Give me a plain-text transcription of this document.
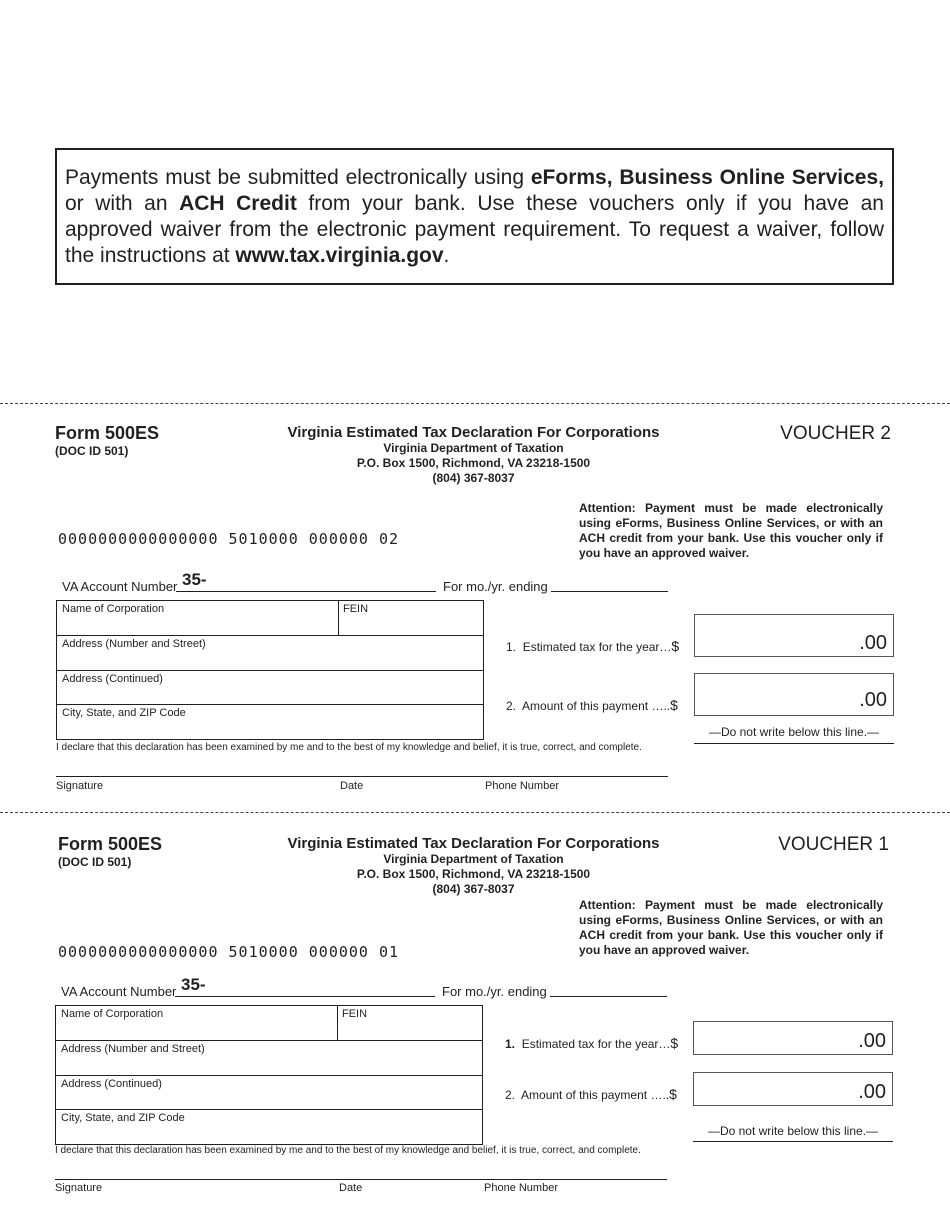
Payments must be submitted electronically using eForms, Business Online Services, or with an ACH Credit from your bank. Use these vouchers only if you have an approved waiver from the electronic payment requirement. To request a waiver, follow the instructions at www.tax.virginia.gov.
Form 500ES
(DOC ID 501)
Virginia Estimated Tax Declaration For Corporations
Virginia Department of Taxation
P.O. Box 1500, Richmond, VA 23218-1500
(804) 367-8037
VOUCHER 2
Attention: Payment must be made electronically using eForms, Business Online Services, or with an ACH credit from your bank. Use this voucher only if you have an approved waiver.
0000000000000000 5010000 000000 02
VA Account Number 35-	For mo./yr. ending
Name of Corporation	FEIN
Address (Number and Street)
Address (Continued)
City, State, and ZIP Code
1. Estimated tax for the year…$	.00
2. Amount of this payment …..$	.00
—Do not write below this line.—
I declare that this declaration has been examined by me and to the best of my knowledge and belief, it is true, correct, and complete.
Signature	Date	Phone Number
Form 500ES
(DOC ID 501)
Virginia Estimated Tax Declaration For Corporations
Virginia Department of Taxation
P.O. Box 1500, Richmond, VA 23218-1500
(804) 367-8037
VOUCHER 1
Attention: Payment must be made electronically using eForms, Business Online Services, or with an ACH credit from your bank. Use this voucher only if you have an approved waiver.
0000000000000000 5010000 000000 01
VA Account Number 35-	For mo./yr. ending
Name of Corporation	FEIN
Address (Number and Street)
Address (Continued)
City, State, and ZIP Code
1. Estimated tax for the year…$	.00
2. Amount of this payment …..$	.00
—Do not write below this line.—
I declare that this declaration has been examined by me and to the best of my knowledge and belief, it is true, correct, and complete.
Signature	Date	Phone Number
